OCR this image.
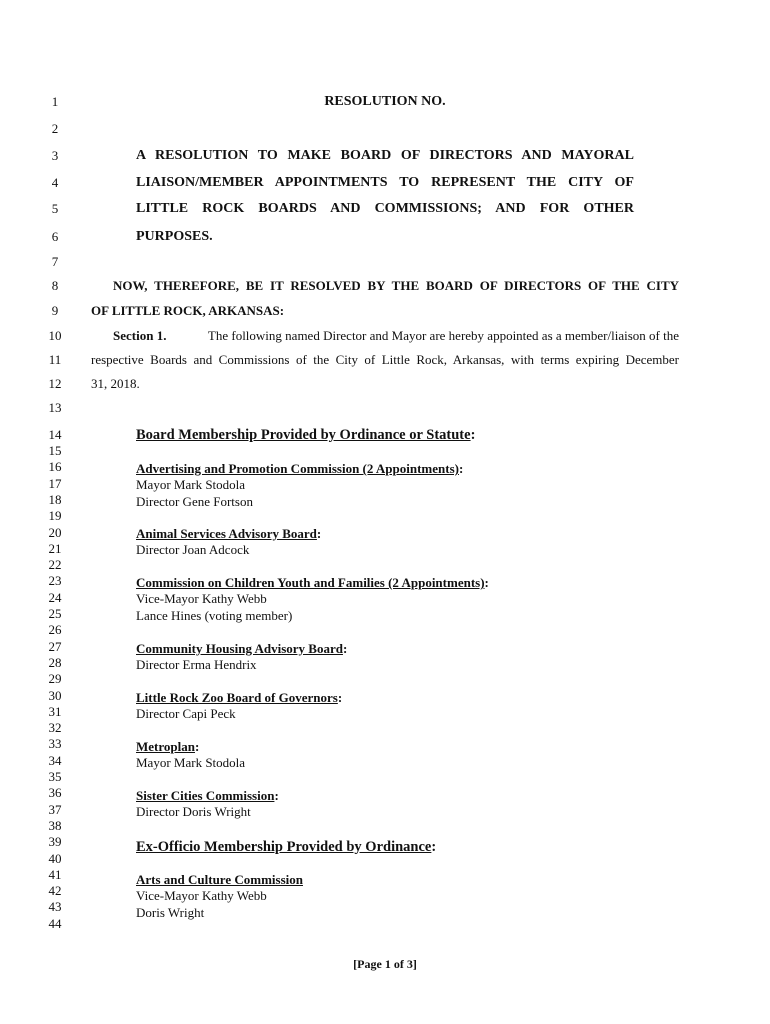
1
2
3
4
5
6
7
8
9
10
11
12
13
14
15
16
17
18
19
20
21
22
23
24
25
26
27
28
29
30
31
32
33
34
35
36
37
38
39
40
41
42
43
44
RESOLUTION NO.
A RESOLUTION TO MAKE BOARD OF DIRECTORS AND MAYORAL
LIAISON/MEMBER APPOINTMENTS TO REPRESENT THE CITY OF
LITTLE ROCK BOARDS AND COMMISSIONS; AND FOR OTHER
PURPOSES.
NOW, THEREFORE, BE IT RESOLVED BY THE BOARD OF DIRECTORS OF THE CITY
OF LITTLE ROCK, ARKANSAS:
Section 1.	The following named Director and Mayor are hereby appointed as a member/liaison of the
respective Boards and Commissions of the City of Little Rock, Arkansas, with terms expiring December
31, 2018.
Board Membership Provided by Ordinance or Statute:
Advertising and Promotion Commission (2 Appointments):
Mayor Mark Stodola
Director Gene Fortson
Animal Services Advisory Board:
Director Joan Adcock
Commission on Children Youth and Families (2 Appointments):
Vice-Mayor Kathy Webb
Lance Hines (voting member)
Community Housing Advisory Board:
Director Erma Hendrix
Little Rock Zoo Board of Governors:
Director Capi Peck
Metroplan:
Mayor Mark Stodola
Sister Cities Commission:
Director Doris Wright
Ex-Officio Membership Provided by Ordinance:
Arts and Culture Commission
Vice-Mayor Kathy Webb
Doris Wright
[Page 1 of 3]
